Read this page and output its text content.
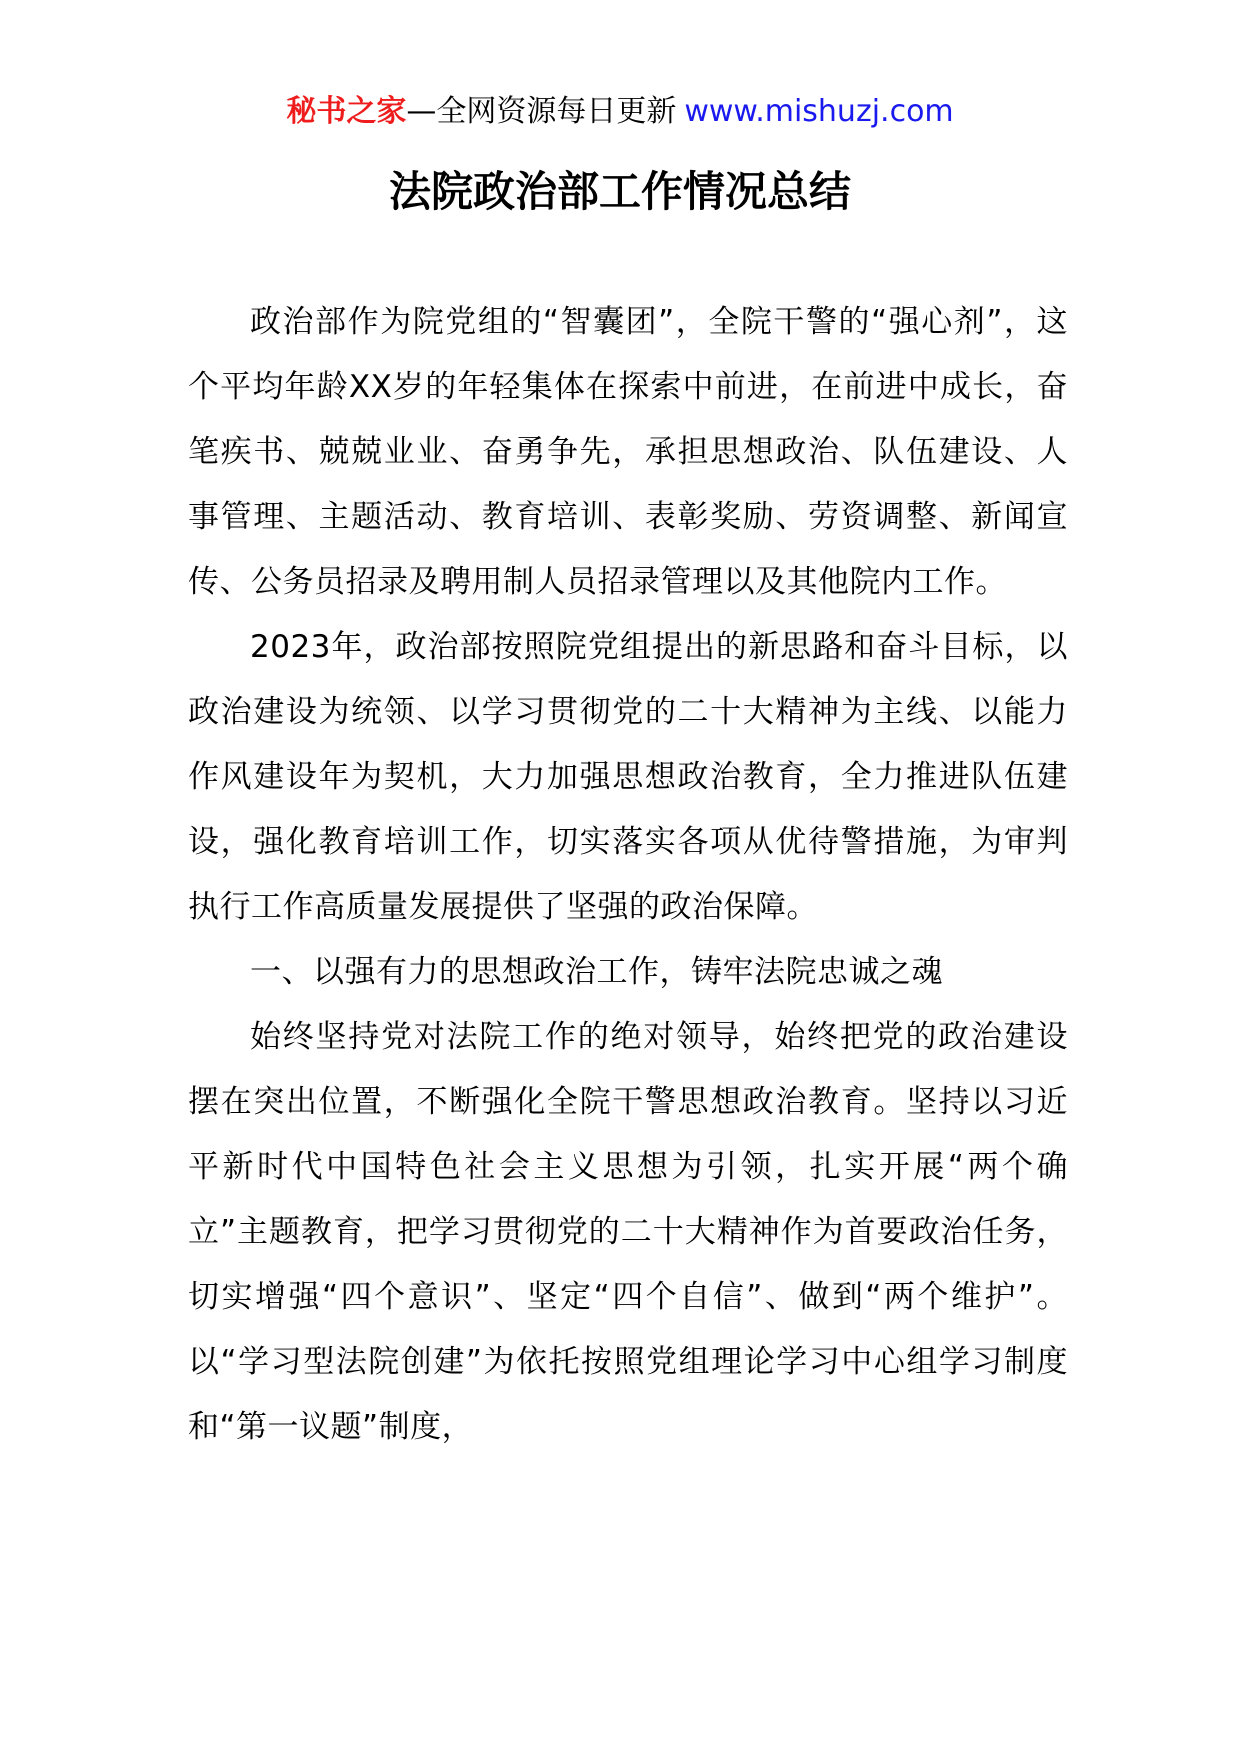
秘书之家—全网资源每日更新 www.mishuzj.com
法院政治部工作情况总结

政治部作为院党组的“智囊团”，全院干警的“强心剂”，这个平均年龄XX岁的年轻集体在探索中前进，在前进中成长，奋笔疾书、兢兢业业、奋勇争先，承担思想政治、队伍建设、人事管理、主题活动、教育培训、表彰奖励、劳资调整、新闻宣传、公务员招录及聘用制人员招录管理以及其他院内工作。

2023年，政治部按照院党组提出的新思路和奋斗目标，以政治建设为统领、以学习贯彻党的二十大精神为主线、以能力作风建设年为契机，大力加强思想政治教育，全力推进队伍建设，强化教育培训工作，切实落实各项从优待警措施，为审判执行工作高质量发展提供了坚强的政治保障。

一、以强有力的思想政治工作，铸牢法院忠诚之魂

始终坚持党对法院工作的绝对领导，始终把党的政治建设摆在突出位置，不断强化全院干警思想政治教育。坚持以习近平新时代中国特色社会主义思想为引领，扎实开展“两个确立”主题教育，把学习贯彻党的二十大精神作为首要政治任务，切实增强“四个意识”、坚定“四个自信”、做到“两个维护”。以“学习型法院创建”为依托按照党组理论学习中心组学习制度和“第一议题”制度，
